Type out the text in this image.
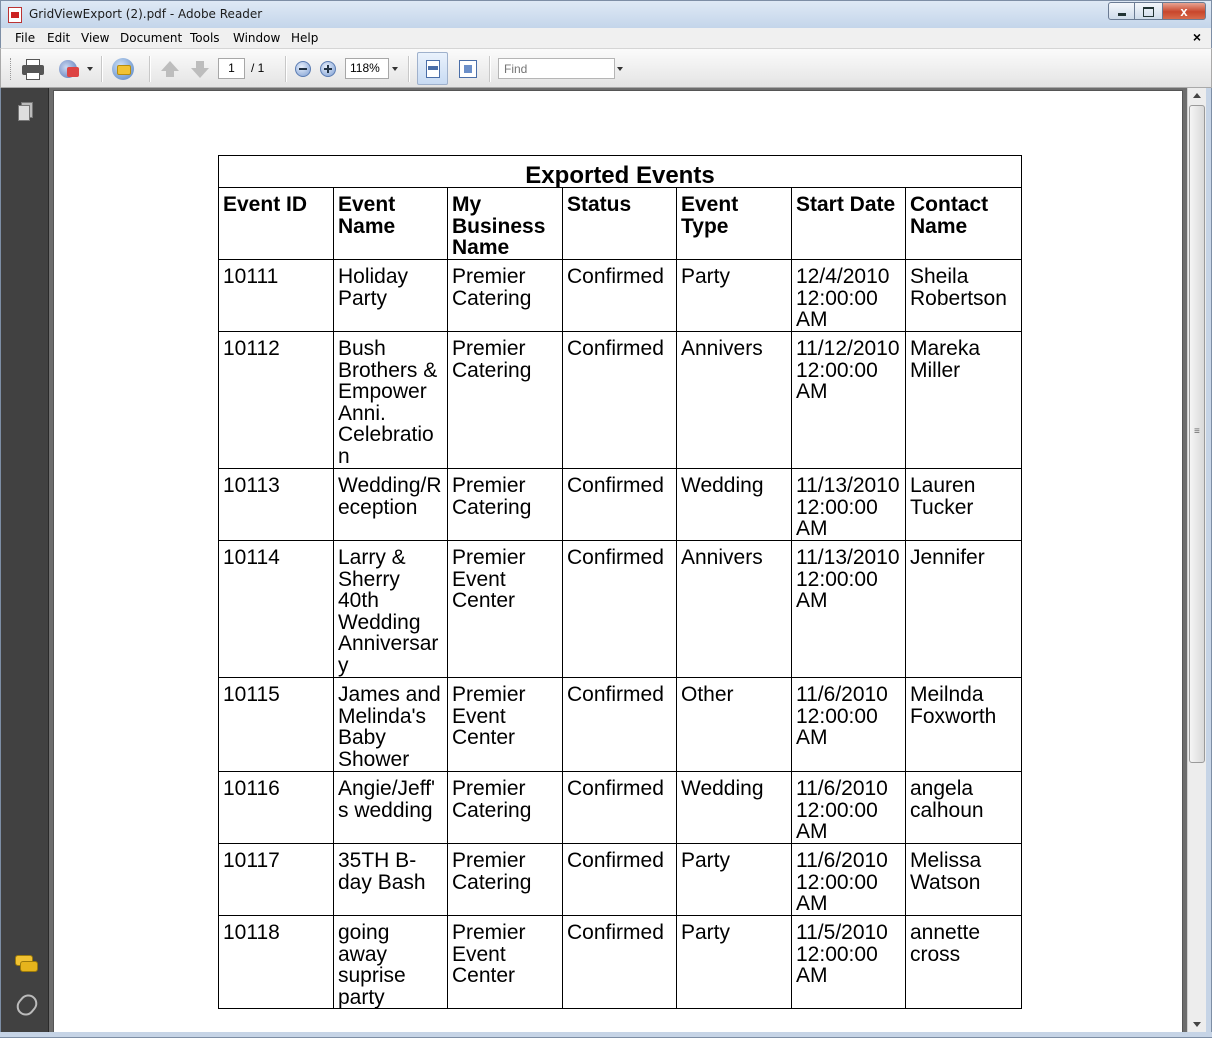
GridViewExport (2).pdf - Adobe Reader	x
File Edit View Document Tools Window Help	×
1	/ 1	118%
Find
Exported Events
Event ID	Event Name	My Business Name	Status	Event Type	Start Date	Contact Name
10111	Holiday Party	Premier Catering	Confirmed	Party	12/4/2010 12:00:00 AM	Sheila Robertson
10112	Bush Brothers & Empower Anni. Celebration	Premier Catering	Confirmed	Annivers	11/12/2010 12:00:00 AM	Mareka Miller
10113	Wedding/Reception	Premier Catering	Confirmed	Wedding	11/13/2010 12:00:00 AM	Lauren Tucker
10114	Larry & Sherry 40th Wedding Anniversary	Premier Event Center	Confirmed	Annivers	11/13/2010 12:00:00 AM	Jennifer
10115	James and Melinda's Baby Shower	Premier Event Center	Confirmed	Other	11/6/2010 12:00:00 AM	Meilnda Foxworth
10116	Angie/Jeff's wedding	Premier Catering	Confirmed	Wedding	11/6/2010 12:00:00 AM	angela calhoun
10117	35TH B-day Bash	Premier Catering	Confirmed	Party	11/6/2010 12:00:00 AM	Melissa Watson
10118	going away suprise party	Premier Event Center	Confirmed	Party	11/5/2010 12:00:00 AM	annette cross
≡
